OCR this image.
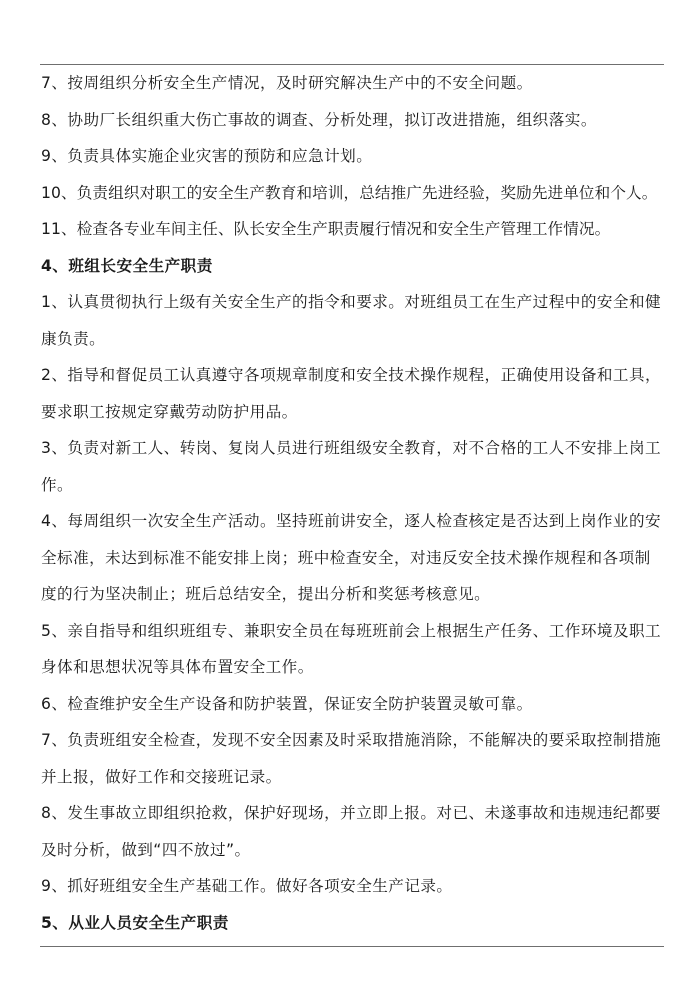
7、按周组织分析安全生产情况，及时研究解决生产中的不安全问题。

8、协助厂长组织重大伤亡事故的调查、分析处理，拟订改进措施，组织落实。

9、负责具体实施企业灾害的预防和应急计划。

10、负责组织对职工的安全生产教育和培训，总结推广先进经验，奖励先进单位和个人。

11、检查各专业车间主任、队长安全生产职责履行情况和安全生产管理工作情况。

4、班组长安全生产职责

1、认真贯彻执行上级有关安全生产的指令和要求。对班组员工在生产过程中的安全和健康负责。

2、指导和督促员工认真遵守各项规章制度和安全技术操作规程，正确使用设备和工具，要求职工按规定穿戴劳动防护用品。

3、负责对新工人、转岗、复岗人员进行班组级安全教育，对不合格的工人不安排上岗工作。

4、每周组织一次安全生产活动。坚持班前讲安全，逐人检查核定是否达到上岗作业的安全标准，未达到标准不能安排上岗；班中检查安全，对违反安全技术操作规程和各项制度的行为坚决制止；班后总结安全，提出分析和奖惩考核意见。

5、亲自指导和组织班组专、兼职安全员在每班班前会上根据生产任务、工作环境及职工身体和思想状况等具体布置安全工作。

6、检查维护安全生产设备和防护装置，保证安全防护装置灵敏可靠。

7、负责班组安全检查，发现不安全因素及时采取措施消除，不能解决的要采取控制措施并上报，做好工作和交接班记录。

8、发生事故立即组织抢救，保护好现场，并立即上报。对已、未遂事故和违规违纪都要及时分析，做到“四不放过”。

9、抓好班组安全生产基础工作。做好各项安全生产记录。

5、从业人员安全生产职责
